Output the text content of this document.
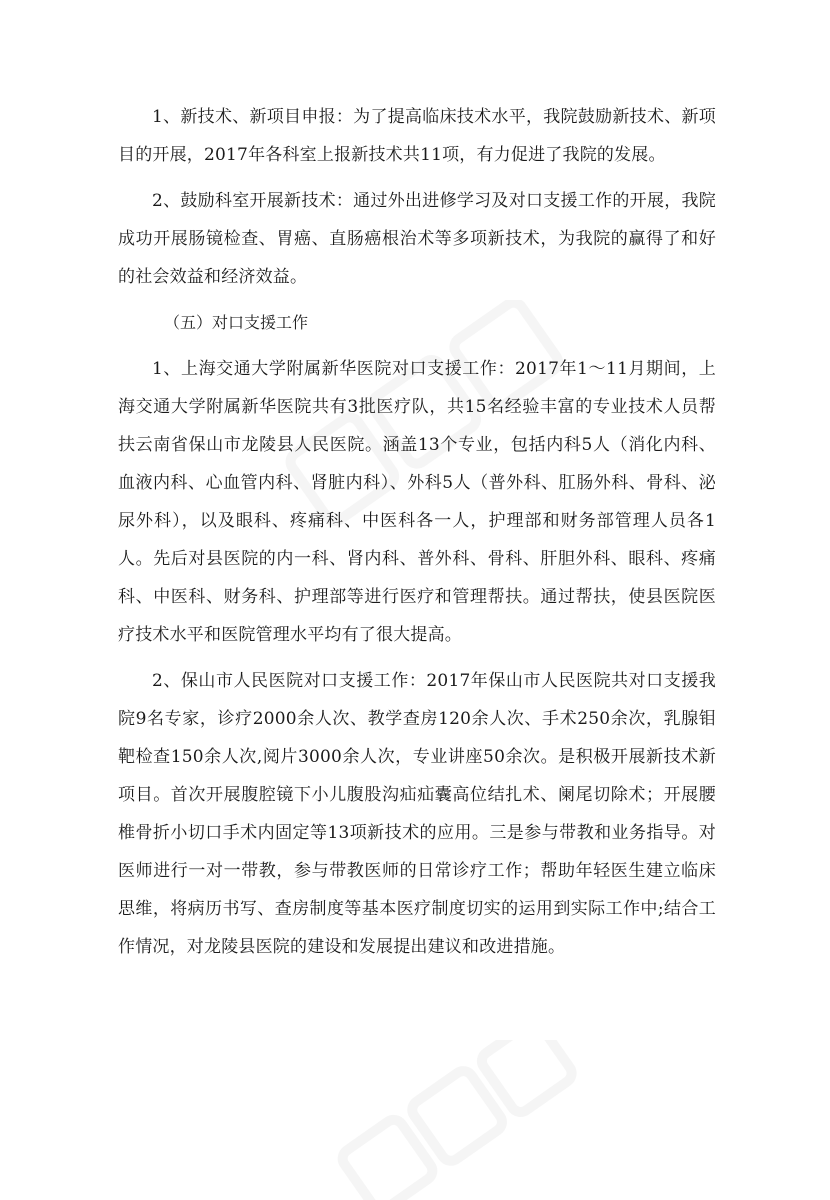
1、新技术、新项目申报：为了提高临床技术水平，我院鼓励新技术、新项目的开展，2017年各科室上报新技术共11项，有力促进了我院的发展。

2、鼓励科室开展新技术：通过外出进修学习及对口支援工作的开展，我院成功开展肠镜检查、胃癌、直肠癌根治术等多项新技术，为我院的赢得了和好的社会效益和经济效益。

（五）对口支援工作

1、上海交通大学附属新华医院对口支援工作：2017年1～11月期间，上海交通大学附属新华医院共有3批医疗队，共15名经验丰富的专业技术人员帮扶云南省保山市龙陵县人民医院。涵盖13个专业，包括内科5人（消化内科、血液内科、心血管内科、肾脏内科）、外科5人（普外科、肛肠外科、骨科、泌尿外科），以及眼科、疼痛科、中医科各一人，护理部和财务部管理人员各1人。先后对县医院的内一科、肾内科、普外科、骨科、肝胆外科、眼科、疼痛科、中医科、财务科、护理部等进行医疗和管理帮扶。通过帮扶，使县医院医疗技术水平和医院管理水平均有了很大提高。

2、保山市人民医院对口支援工作：2017年保山市人民医院共对口支援我院9名专家，诊疗2000余人次、教学查房120余人次、手术250余次，乳腺钼靶检查150余人次,阅片3000余人次，专业讲座50余次。是积极开展新技术新项目。首次开展腹腔镜下小儿腹股沟疝疝囊高位结扎术、阑尾切除术；开展腰椎骨折小切口手术内固定等13项新技术的应用。三是参与带教和业务指导。对医师进行一对一带教，参与带教医师的日常诊疗工作；帮助年轻医生建立临床思维，将病历书写、查房制度等基本医疗制度切实的运用到实际工作中;结合工作情况，对龙陵县医院的建设和发展提出建议和改进措施。
